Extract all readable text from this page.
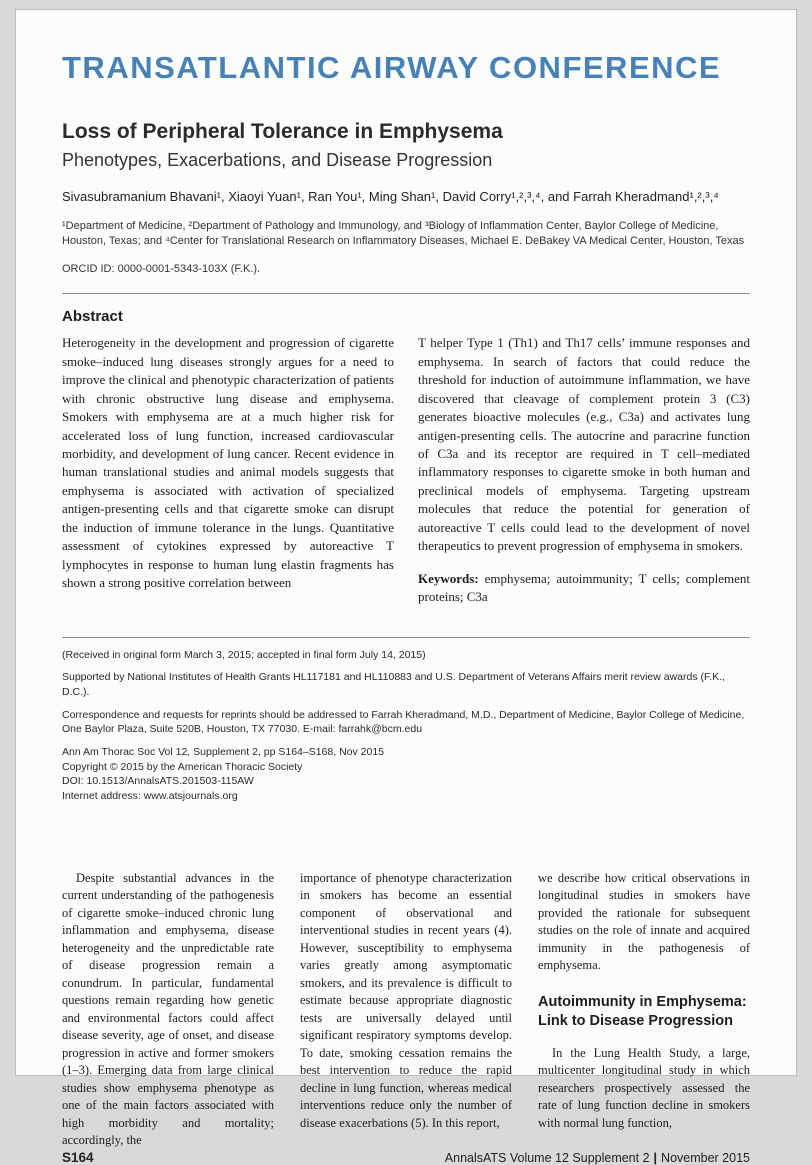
TRANSATLANTIC AIRWAY CONFERENCE
Loss of Peripheral Tolerance in Emphysema
Phenotypes, Exacerbations, and Disease Progression
Sivasubramanium Bhavani¹, Xiaoyi Yuan¹, Ran You¹, Ming Shan¹, David Corry¹,²,³,⁴, and Farrah Kheradmand¹,²,³,⁴
¹Department of Medicine, ²Department of Pathology and Immunology, and ³Biology of Inflammation Center, Baylor College of Medicine, Houston, Texas; and ⁴Center for Translational Research on Inflammatory Diseases, Michael E. DeBakey VA Medical Center, Houston, Texas
ORCID ID: 0000-0001-5343-103X (F.K.).
Abstract
Heterogeneity in the development and progression of cigarette smoke–induced lung diseases strongly argues for a need to improve the clinical and phenotypic characterization of patients with chronic obstructive lung disease and emphysema. Smokers with emphysema are at a much higher risk for accelerated loss of lung function, increased cardiovascular morbidity, and development of lung cancer. Recent evidence in human translational studies and animal models suggests that emphysema is associated with activation of specialized antigen-presenting cells and that cigarette smoke can disrupt the induction of immune tolerance in the lungs. Quantitative assessment of cytokines expressed by autoreactive T lymphocytes in response to human lung elastin fragments has shown a strong positive correlation between
T helper Type 1 (Th1) and Th17 cells’ immune responses and emphysema. In search of factors that could reduce the threshold for induction of autoimmune inflammation, we have discovered that cleavage of complement protein 3 (C3) generates bioactive molecules (e.g., C3a) and activates lung antigen-presenting cells. The autocrine and paracrine function of C3a and its receptor are required in T cell–mediated inflammatory responses to cigarette smoke in both human and preclinical models of emphysema. Targeting upstream molecules that reduce the potential for generation of autoreactive T cells could lead to the development of novel therapeutics to prevent progression of emphysema in smokers.
Keywords: emphysema; autoimmunity; T cells; complement proteins; C3a
(Received in original form March 3, 2015; accepted in final form July 14, 2015)
Supported by National Institutes of Health Grants HL117181 and HL110883 and U.S. Department of Veterans Affairs merit review awards (F.K., D.C.).
Correspondence and requests for reprints should be addressed to Farrah Kheradmand, M.D., Department of Medicine, Baylor College of Medicine, One Baylor Plaza, Suite 520B, Houston, TX 77030. E-mail: farrahk@bcm.edu
Ann Am Thorac Soc Vol 12, Supplement 2, pp S164–S168, Nov 2015
Copyright © 2015 by the American Thoracic Society
DOI: 10.1513/AnnalsATS.201503-115AW
Internet address: www.atsjournals.org

Despite substantial advances in the current understanding of the pathogenesis of cigarette smoke–induced chronic lung inflammation and emphysema, disease heterogeneity and the unpredictable rate of disease progression remain a conundrum. In particular, fundamental questions remain regarding how genetic and environmental factors could affect disease severity, age of onset, and disease progression in active and former smokers (1–3). Emerging data from large clinical studies show emphysema phenotype as one of the main factors associated with high morbidity and mortality; accordingly, the

importance of phenotype characterization in smokers has become an essential component of observational and interventional studies in recent years (4). However, susceptibility to emphysema varies greatly among asymptomatic smokers, and its prevalence is difficult to estimate because appropriate diagnostic tests are universally delayed until significant respiratory symptoms develop. To date, smoking cessation remains the best intervention to reduce the rapid decline in lung function, whereas medical interventions reduce only the number of disease exacerbations (5). In this report,

we describe how critical observations in longitudinal studies in smokers have provided the rationale for subsequent studies on the role of innate and acquired immunity in the pathogenesis of emphysema.

Autoimmunity in Emphysema: Link to Disease Progression

In the Lung Health Study, a large, multicenter longitudinal study in which researchers prospectively assessed the rate of lung function decline in smokers with normal lung function,

S164	AnnalsATS Volume 12 Supplement 2 | November 2015
